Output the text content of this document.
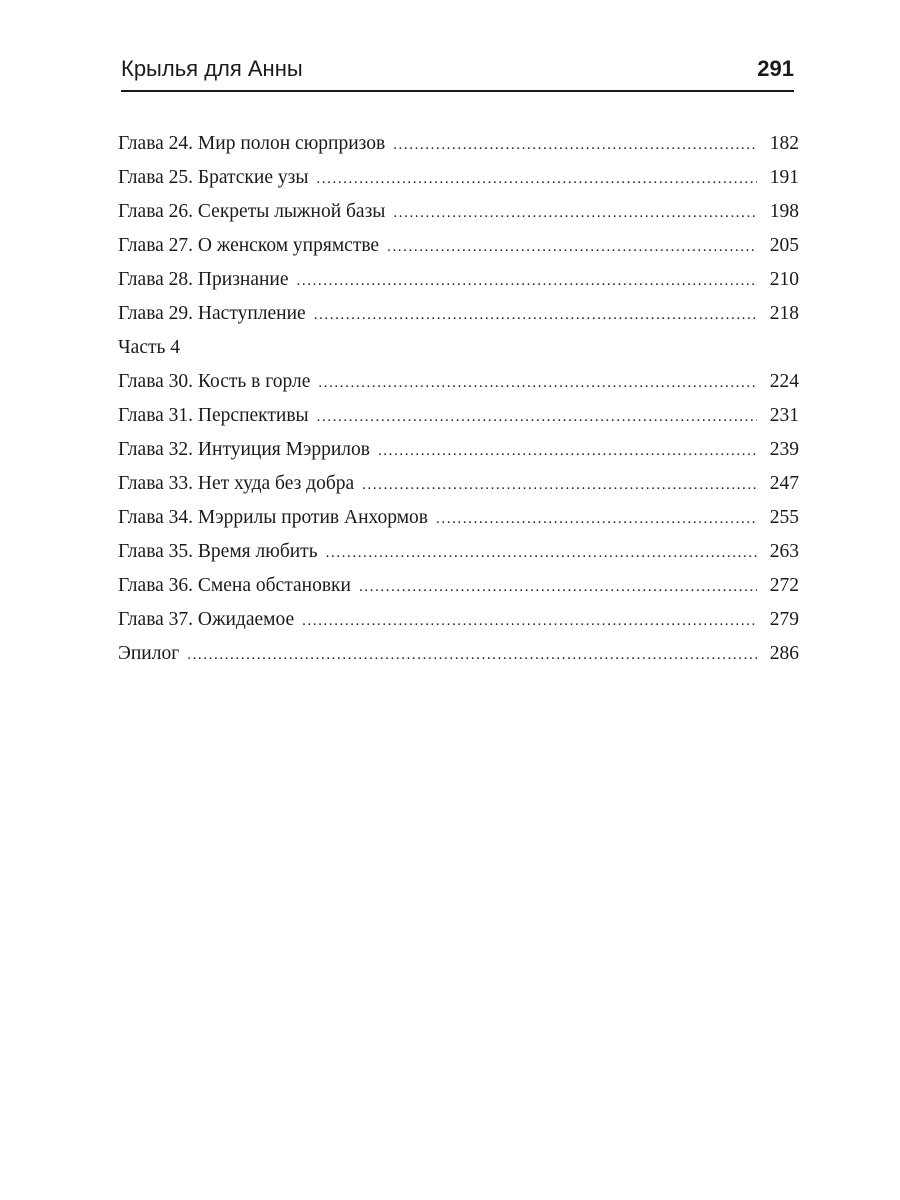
Крылья для Анны	291
Глава 24. Мир полон сюрпризов .....	182
Глава 25. Братские узы .....	191
Глава 26. Секреты лыжной базы .....	198
Глава 27. О женском упрямстве .....	205
Глава 28. Признание .....	210
Глава 29. Наступление .....	218
Часть 4
Глава 30. Кость в горле .....	224
Глава 31. Перспективы .....	231
Глава 32. Интуиция Мэррилов .....	239
Глава 33. Нет худа без добра .....	247
Глава 34. Мэррилы против Анхормов .....	255
Глава 35. Время любить .....	263
Глава 36. Смена обстановки .....	272
Глава 37. Ожидаемое .....	279
Эпилог .....	286
